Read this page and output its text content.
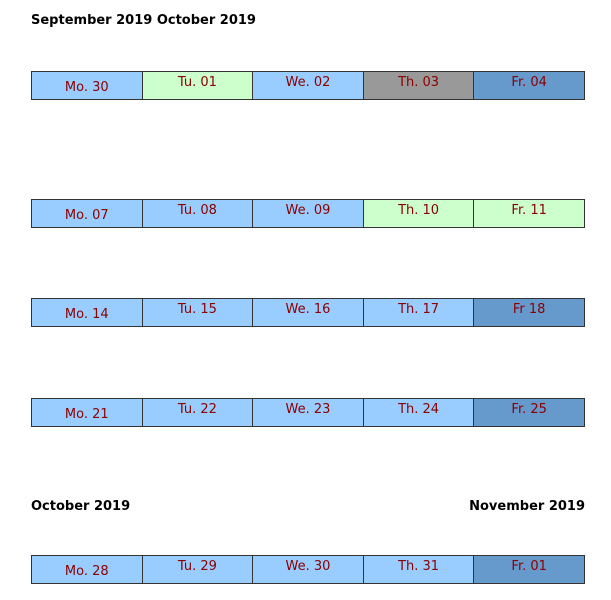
September 2019 October 2019
Mo. 30	Tu. 01	We. 02	Th. 03	Fr. 04
Mo. 07	Tu. 08	We. 09	Th. 10	Fr. 11
Mo. 14	Tu. 15	We. 16	Th. 17	Fr 18
Mo. 21	Tu. 22	We. 23	Th. 24	Fr. 25
October 2019	November 2019
Mo. 28	Tu. 29	We. 30	Th. 31	Fr. 01
